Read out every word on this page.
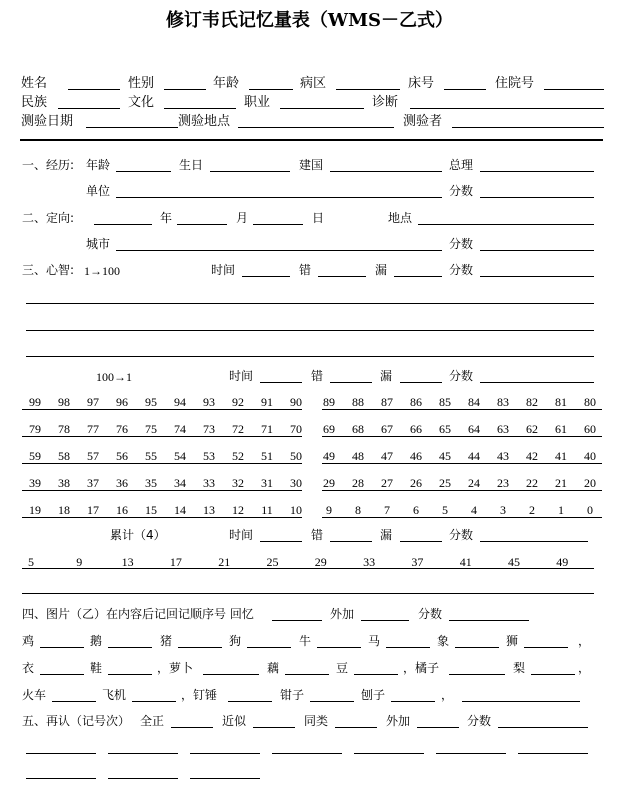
修订韦氏记忆量表（WMS－乙式）
姓名	性别	年龄	病区	床号	住院号
民族	文化	职业	诊断
测验日期	测验地点	测验者
一、经历: 年龄	生日	建国	总理
单位	分数
二、定向:	年	月	日	地点
城市	分数
三、心智: 1→100	时间	错	漏	分数
100→1	时间	错	漏	分数
99 98 97 96 95 94 93 92 91 90 89 88 87 86 85 84 83 82 81 80
79 78 77 76 75 74 73 72 71 70 69 68 67 66 65 64 63 62 61 60
59 58 57 56 55 54 53 52 51 50 49 48 47 46 45 44 43 42 41 40
39 38 37 36 35 34 33 32 31 30 29 28 27 26 25 24 23 22 21 20
19 18 17 16 15 14 13 12 11 10 9 8 7 6 5 4 3 2 1 0
累计（4）	时间	错	漏	分数
5	9	13	17	21	25	29	33	37	41	45	49
四、图片（乙）在内容后记回记顺序号 回忆	外加	分数
鸡	鹅	猪	狗	牛	马	象	狮	，
衣	鞋	，萝卜	藕	豆	，橘子	梨	，
火车	飞机	，钉锤	钳子	刨子	，
五、再认（记号次） 全正	近似	同类	外加	分数
